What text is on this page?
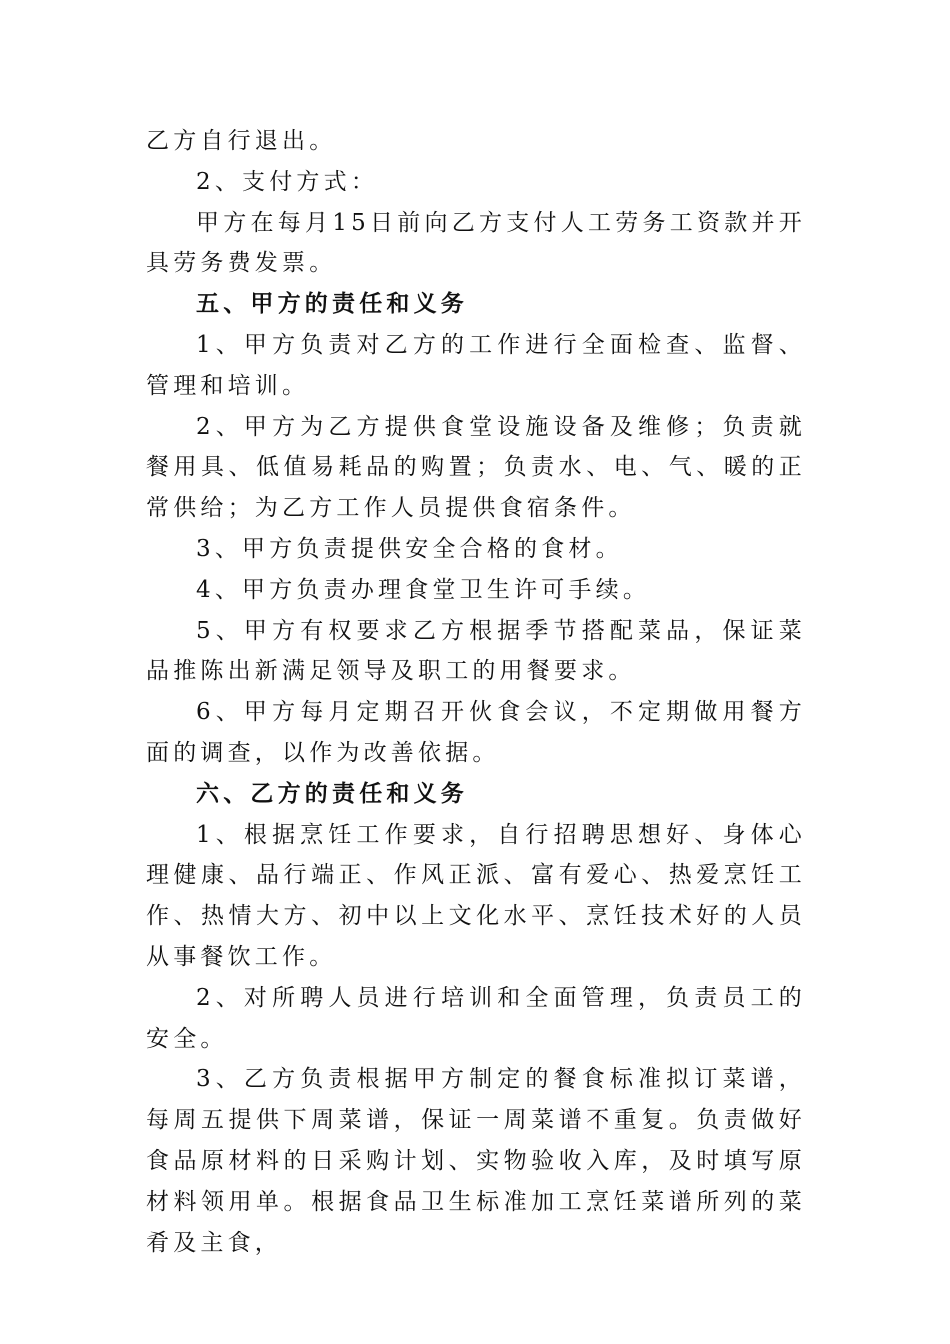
乙方自行退出。

2、支付方式：

甲方在每月15日前向乙方支付人工劳务工资款并开具劳务费发票。

五、甲方的责任和义务

1、甲方负责对乙方的工作进行全面检查、监督、管理和培训。

2、甲方为乙方提供食堂设施设备及维修；负责就餐用具、低值易耗品的购置；负责水、电、气、暖的正常供给；为乙方工作人员提供食宿条件。

3、甲方负责提供安全合格的食材。

4、甲方负责办理食堂卫生许可手续。

5、甲方有权要求乙方根据季节搭配菜品，保证菜品推陈出新满足领导及职工的用餐要求。

6、甲方每月定期召开伙食会议，不定期做用餐方面的调查，以作为改善依据。

六、乙方的责任和义务

1、根据烹饪工作要求，自行招聘思想好、身体心理健康、品行端正、作风正派、富有爱心、热爱烹饪工作、热情大方、初中以上文化水平、烹饪技术好的人员从事餐饮工作。

2、对所聘人员进行培训和全面管理，负责员工的安全。

3、乙方负责根据甲方制定的餐食标准拟订菜谱，每周五提供下周菜谱，保证一周菜谱不重复。负责做好食品原材料的日采购计划、实物验收入库，及时填写原材料领用单。根据食品卫生标准加工烹饪菜谱所列的菜肴及主食，
